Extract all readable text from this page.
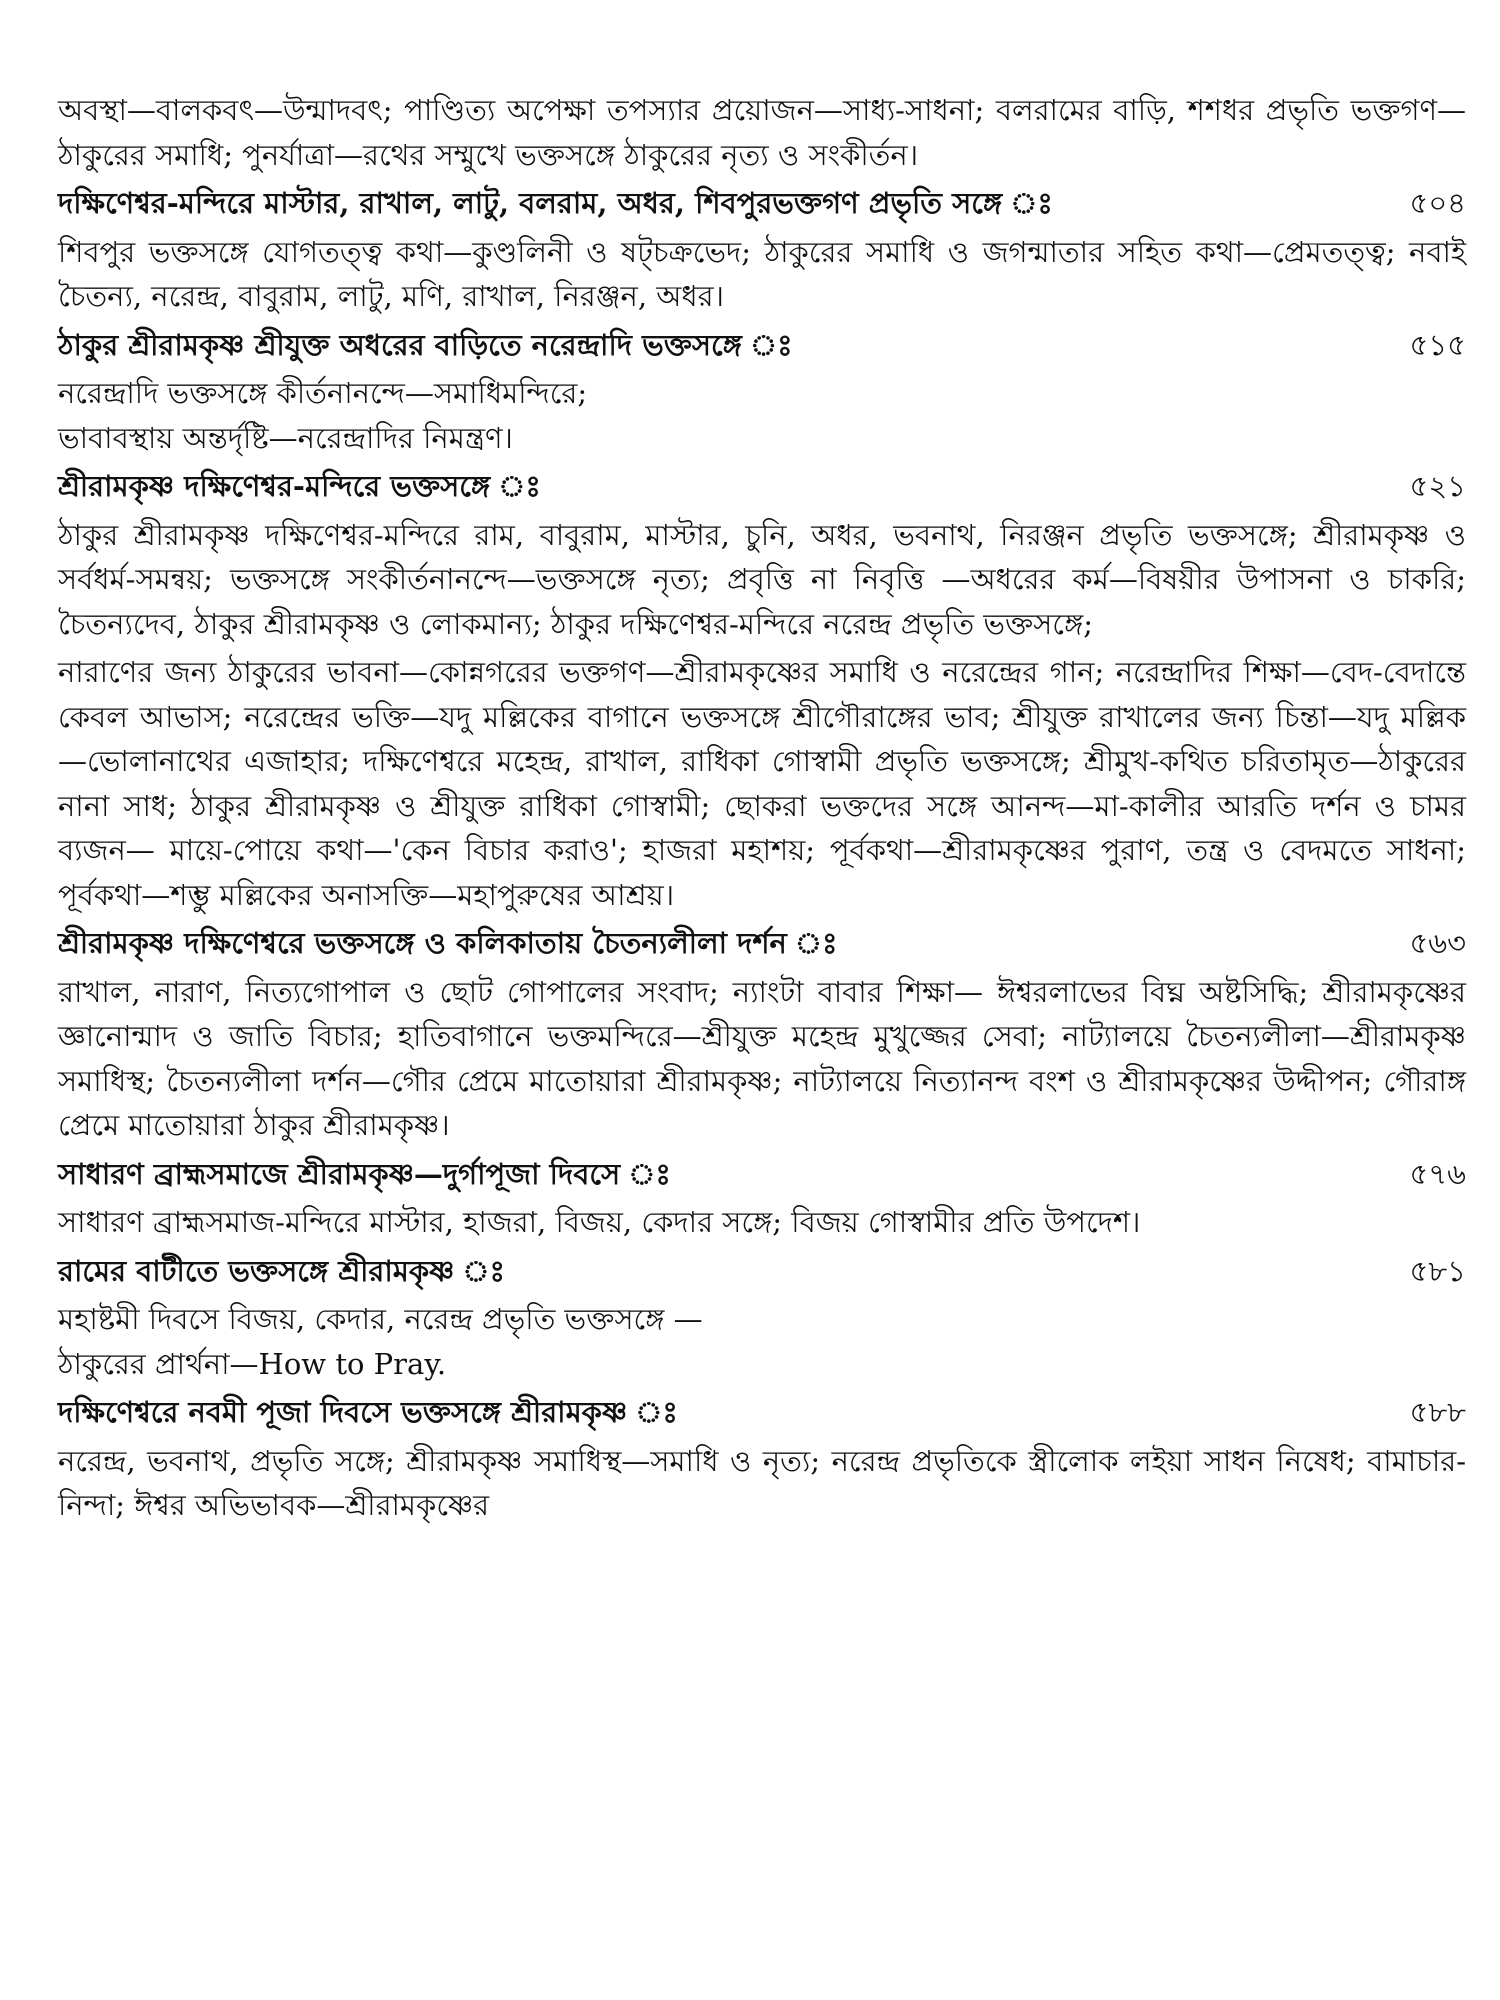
অবস্থা—বালকবৎ—উন্মাদবৎ; পাণ্ডিত্য অপেক্ষা তপস্যার প্রয়োজন—সাধ্য-সাধনা; বলরামের বাড়ি, শশধর প্রভৃতি ভক্তগণ—ঠাকুরের সমাধি; পুনর্যাত্রা—রথের সম্মুখে ভক্তসঙ্গে ঠাকুরের নৃত্য ও সংকীর্তন।

দক্ষিণেশ্বর-মন্দিরে মাস্টার, রাখাল, লাটু, বলরাম, অধর, শিবপুরভক্তগণ প্রভৃতি সঙ্গে ঃ	৫০৪

শিবপুর ভক্তসঙ্গে যোগতত্ত্ব কথা—কুণ্ডলিনী ও ষট্চক্রভেদ; ঠাকুরের সমাধি ও জগন্মাতার সহিত কথা—প্রেমতত্ত্ব; নবাই চৈতন্য, নরেন্দ্র, বাবুরাম, লাটু, মণি, রাখাল, নিরঞ্জন, অধর।

ঠাকুর শ্রীরামকৃষ্ণ শ্রীযুক্ত অধরের বাড়িতে নরেন্দ্রাদি ভক্তসঙ্গে ঃ	৫১৫

নরেন্দ্রাদি ভক্তসঙ্গে কীর্তনানন্দে—সমাধিমন্দিরে;

ভাবাবস্থায় অন্তর্দৃষ্টি—নরেন্দ্রাদির নিমন্ত্রণ।

শ্রীরামকৃষ্ণ দক্ষিণেশ্বর-মন্দিরে ভক্তসঙ্গে ঃ	৫২১

ঠাকুর শ্রীরামকৃষ্ণ দক্ষিণেশ্বর-মন্দিরে রাম, বাবুরাম, মাস্টার, চুনি, অধর, ভবনাথ, নিরঞ্জন প্রভৃতি ভক্তসঙ্গে; শ্রীরামকৃষ্ণ ও সর্বধর্ম-সমন্বয়; ভক্তসঙ্গে সংকীর্তনানন্দে—ভক্তসঙ্গে নৃত্য; প্রবৃত্তি না নিবৃত্তি —অধরের কর্ম—বিষয়ীর উপাসনা ও চাকরি; চৈতন্যদেব, ঠাকুর শ্রীরামকৃষ্ণ ও লোকমান্য; ঠাকুর দক্ষিণেশ্বর-মন্দিরে নরেন্দ্র প্রভৃতি ভক্তসঙ্গে;

নারাণের জন্য ঠাকুরের ভাবনা—কোন্নগরের ভক্তগণ—শ্রীরামকৃষ্ণের সমাধি ও নরেন্দ্রের গান; নরেন্দ্রাদির শিক্ষা—বেদ-বেদান্তে কেবল আভাস; নরেন্দ্রের ভক্তি—যদু মল্লিকের বাগানে ভক্তসঙ্গে শ্রীগৌরাঙ্গের ভাব; শ্রীযুক্ত রাখালের জন্য চিন্তা—যদু মল্লিক —ভোলানাথের এজাহার; দক্ষিণেশ্বরে মহেন্দ্র, রাখাল, রাধিকা গোস্বামী প্রভৃতি ভক্তসঙ্গে; শ্রীমুখ-কথিত চরিতামৃত—ঠাকুরের নানা সাধ; ঠাকুর শ্রীরামকৃষ্ণ ও শ্রীযুক্ত রাধিকা গোস্বামী; ছোকরা ভক্তদের সঙ্গে আনন্দ—মা-কালীর আরতি দর্শন ও চামর ব্যজন— মায়ে-পোয়ে কথা—'কেন বিচার করাও'; হাজরা মহাশয়; পূর্বকথা—শ্রীরামকৃষ্ণের পুরাণ, তন্ত্র ও বেদমতে সাধনা; পূর্বকথা—শম্ভু মল্লিকের অনাসক্তি—মহাপুরুষের আশ্রয়।

শ্রীরামকৃষ্ণ দক্ষিণেশ্বরে ভক্তসঙ্গে ও কলিকাতায় চৈতন্যলীলা দর্শন ঃ	৫৬৩

রাখাল, নারাণ, নিত্যগোপাল ও ছোট গোপালের সংবাদ; ন্যাংটা বাবার শিক্ষা— ঈশ্বরলাভের বিঘ্ন অষ্টসিদ্ধি; শ্রীরামকৃষ্ণের জ্ঞানোন্মাদ ও জাতি বিচার; হাতিবাগানে ভক্তমন্দিরে—শ্রীযুক্ত মহেন্দ্র মুখুজ্জের সেবা; নাট্যালয়ে চৈতন্যলীলা—শ্রীরামকৃষ্ণ সমাধিস্থ; চৈতন্যলীলা দর্শন—গৌর প্রেমে মাতোয়ারা শ্রীরামকৃষ্ণ; নাট্যালয়ে নিত্যানন্দ বংশ ও শ্রীরামকৃষ্ণের উদ্দীপন; গৌরাঙ্গ প্রেমে মাতোয়ারা ঠাকুর শ্রীরামকৃষ্ণ।

সাধারণ ব্রাহ্মসমাজে শ্রীরামকৃষ্ণ—দুর্গাপূজা দিবসে ঃ	৫৭৬

সাধারণ ব্রাহ্মসমাজ-মন্দিরে মাস্টার, হাজরা, বিজয়, কেদার সঙ্গে; বিজয় গোস্বামীর প্রতি উপদেশ।

রামের বাটীতে ভক্তসঙ্গে শ্রীরামকৃষ্ণ ঃ	৫৮১

মহাষ্টমী দিবসে বিজয়, কেদার, নরেন্দ্র প্রভৃতি ভক্তসঙ্গে —

ঠাকুরের প্রার্থনা—How to Pray.

দক্ষিণেশ্বরে নবমী পূজা দিবসে ভক্তসঙ্গে শ্রীরামকৃষ্ণ ঃ	৫৮৮

নরেন্দ্র, ভবনাথ, প্রভৃতি সঙ্গে; শ্রীরামকৃষ্ণ সমাধিস্থ—সমাধি ও নৃত্য; নরেন্দ্র প্রভৃতিকে স্ত্রীলোক লইয়া সাধন নিষেধ; বামাচার-নিন্দা; ঈশ্বর অভিভাবক—শ্রীরামকৃষ্ণের
